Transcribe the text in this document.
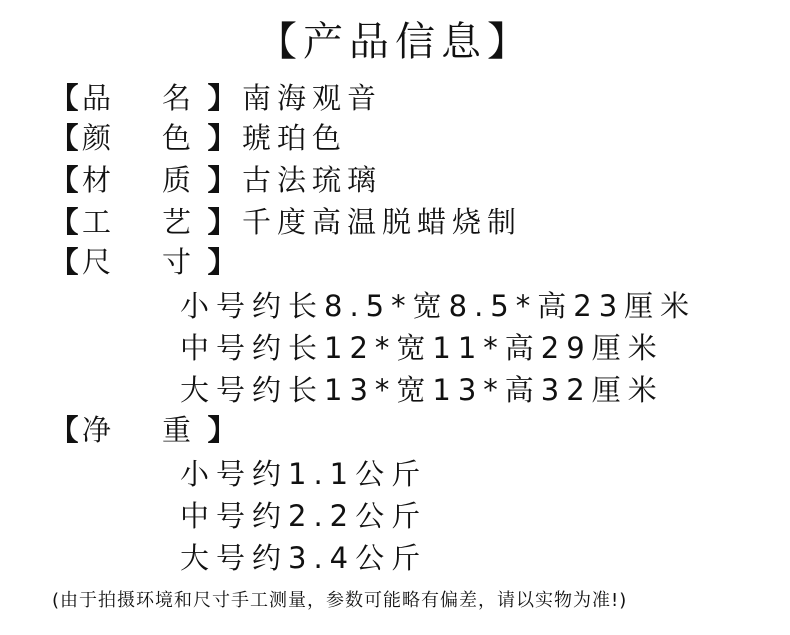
【产品信息】
【 品	名 】 南海观音
【 颜	色 】 琥珀色
【 材	质 】 古法琉璃
【 工	艺 】 千度高温脱蜡烧制
【 尺	寸 】
小号约长8.5*宽8.5*高23厘米
中号约长12*宽11*高29厘米
大号约长13*宽13*高32厘米
【 净	重 】
小号约1.1公斤
中号约2.2公斤
大号约3.4公斤
(由于拍摄环境和尺寸手工测量，参数可能略有偏差，请以实物为准!)
